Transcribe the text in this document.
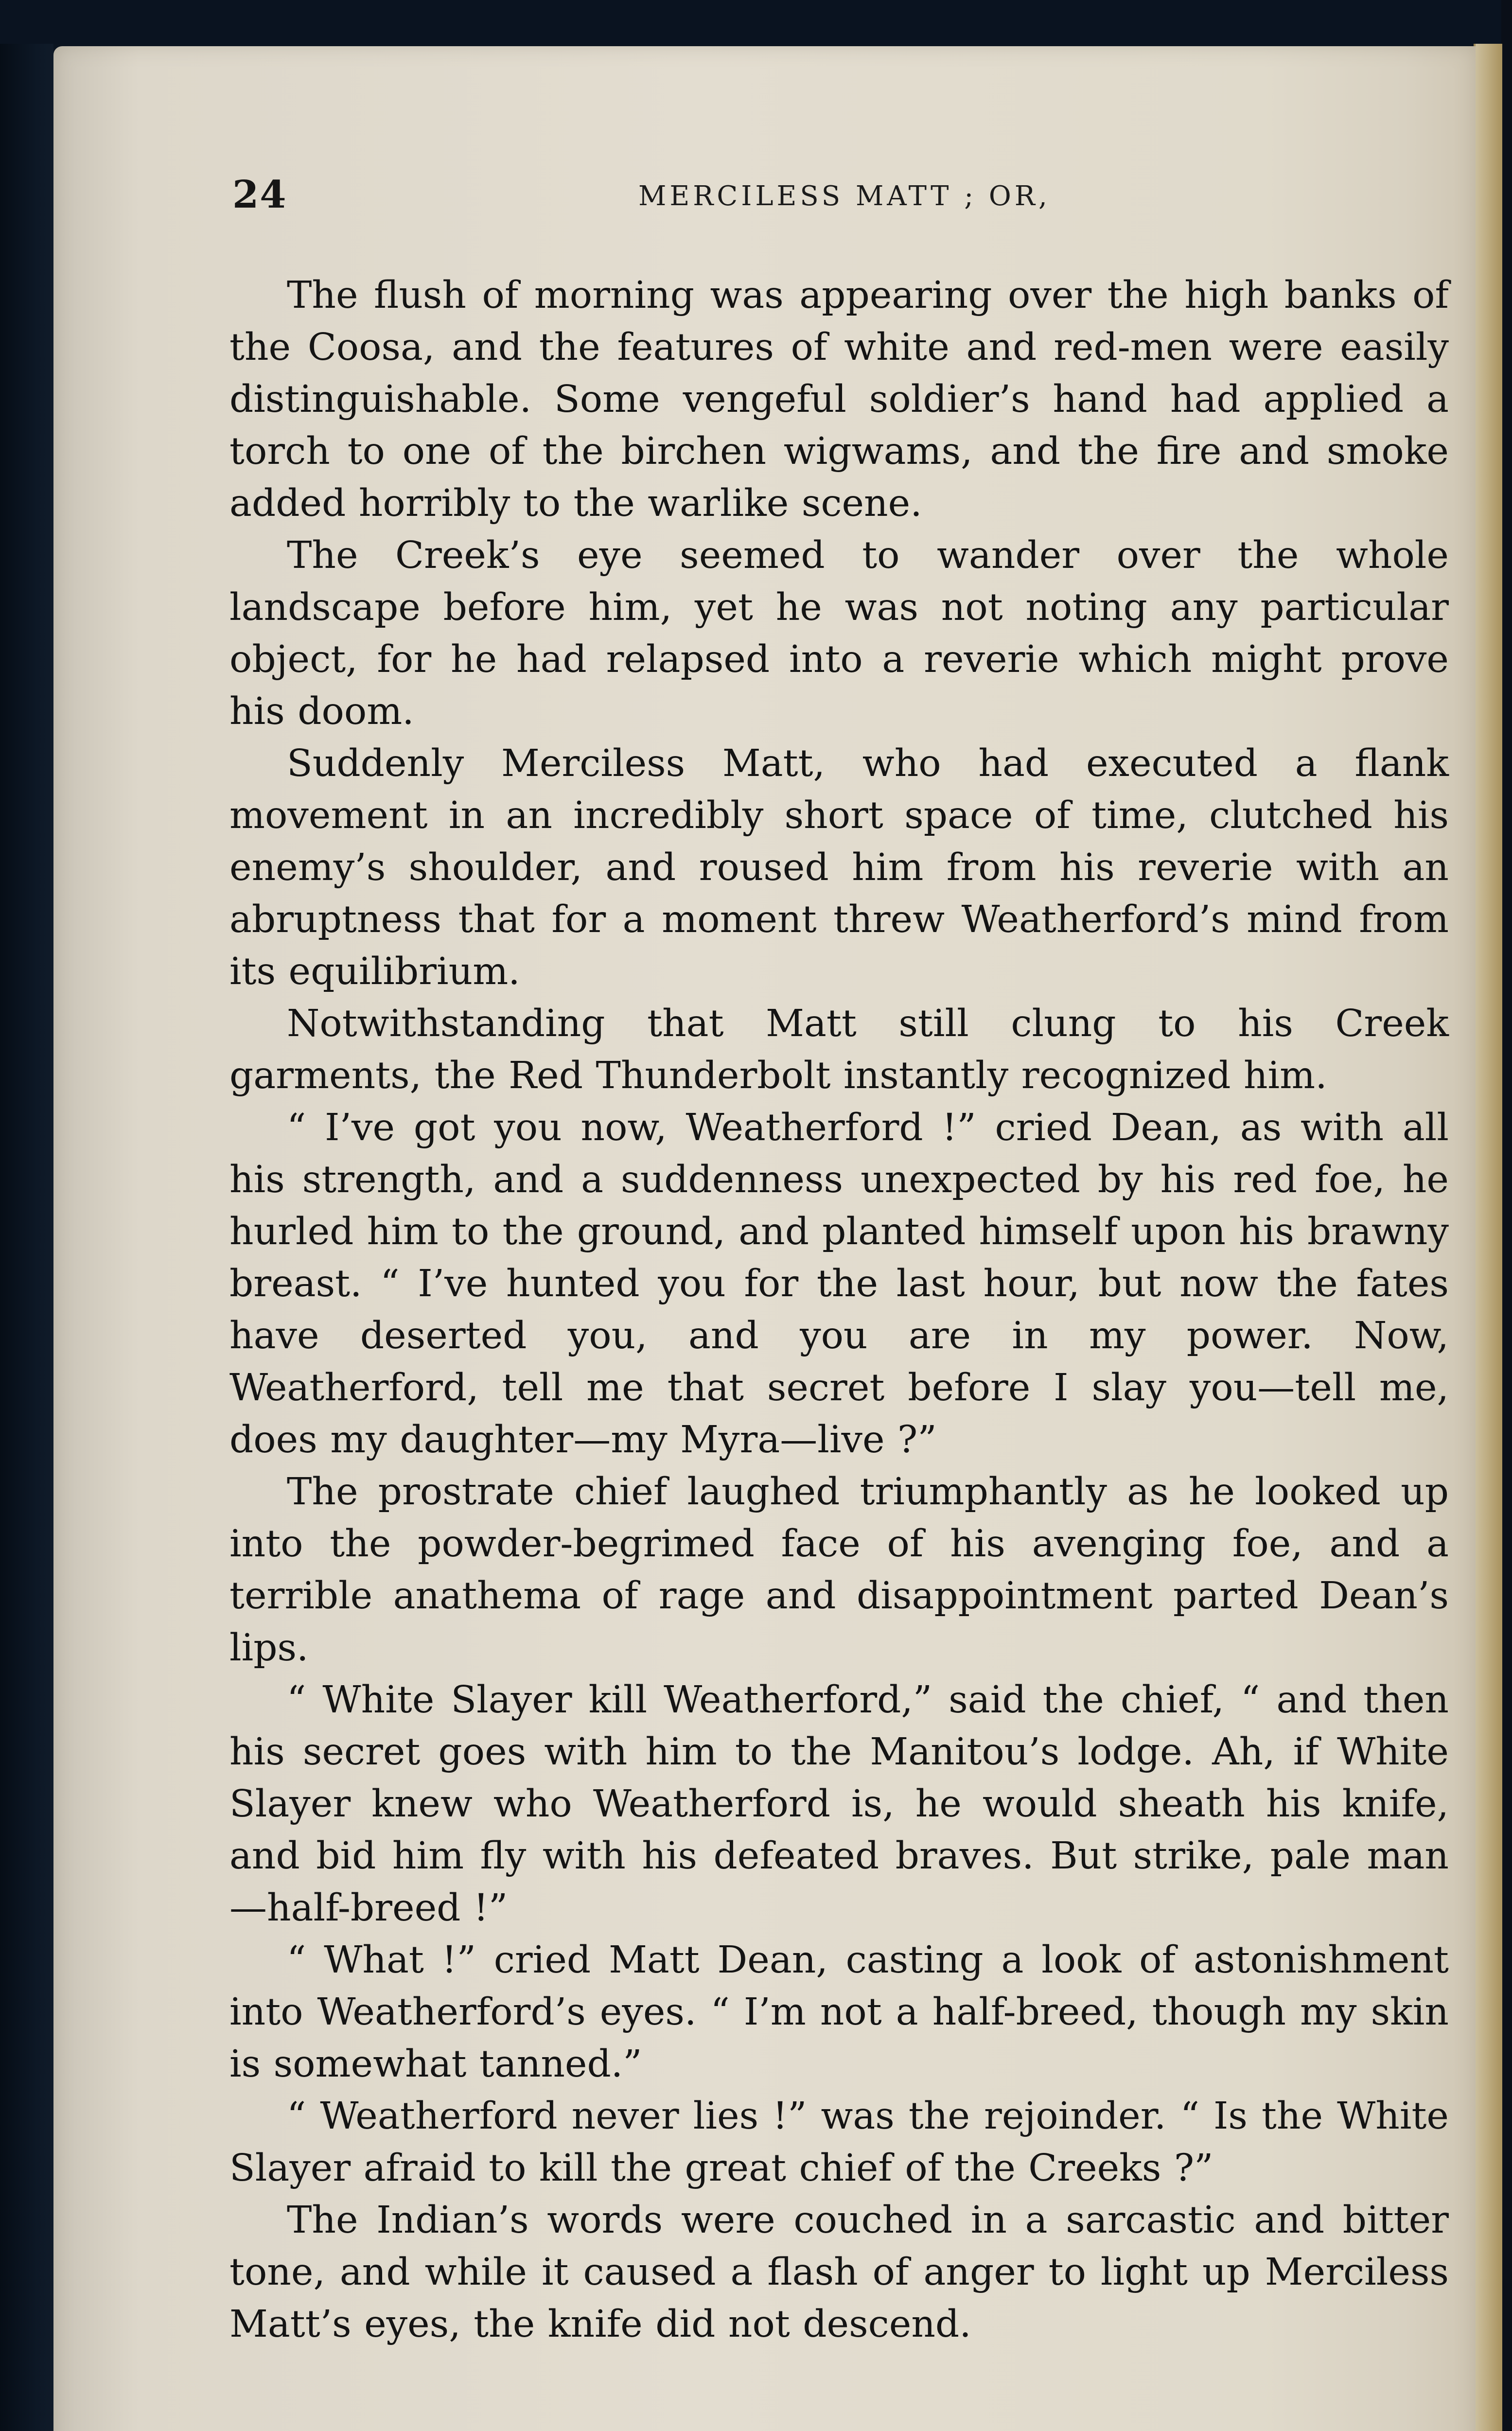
24	MERCILESS MATT ; OR,

The flush of morning was appearing over the high banks of the Coosa, and the features of white and red-men were easily distinguishable. Some vengeful soldier’s hand had applied a torch to one of the birchen wigwams, and the fire and smoke added horribly to the warlike scene.

The Creek’s eye seemed to wander over the whole landscape before him, yet he was not noting any particular object, for he had relapsed into a reverie which might prove his doom.

Suddenly Merciless Matt, who had executed a flank movement in an incredibly short space of time, clutched his enemy’s shoulder, and roused him from his reverie with an abruptness that for a moment threw Weatherford’s mind from its equilibrium.

Notwithstanding that Matt still clung to his Creek garments, the Red Thunderbolt instantly recognized him.

“ I’ve got you now, Weatherford !” cried Dean, as with all his strength, and a suddenness unexpected by his red foe, he hurled him to the ground, and planted himself upon his brawny breast. “ I’ve hunted you for the last hour, but now the fates have deserted you, and you are in my power. Now, Weatherford, tell me that secret before I slay you—tell me, does my daughter—my Myra—live ?”

The prostrate chief laughed triumphantly as he looked up into the powder-begrimed face of his avenging foe, and a terrible anathema of rage and disappointment parted Dean’s lips.

“ White Slayer kill Weatherford,” said the chief, “ and then his secret goes with him to the Manitou’s lodge. Ah, if White Slayer knew who Weatherford is, he would sheath his knife, and bid him fly with his defeated braves. But strike, pale man—half-breed !”

“ What !” cried Matt Dean, casting a look of astonishment into Weatherford’s eyes. “ I’m not a half-breed, though my skin is somewhat tanned.”

“ Weatherford never lies !” was the rejoinder. “ Is the White Slayer afraid to kill the great chief of the Creeks ?”

The Indian’s words were couched in a sarcastic and bitter tone, and while it caused a flash of anger to light up Merciless Matt’s eyes, the knife did not descend.
